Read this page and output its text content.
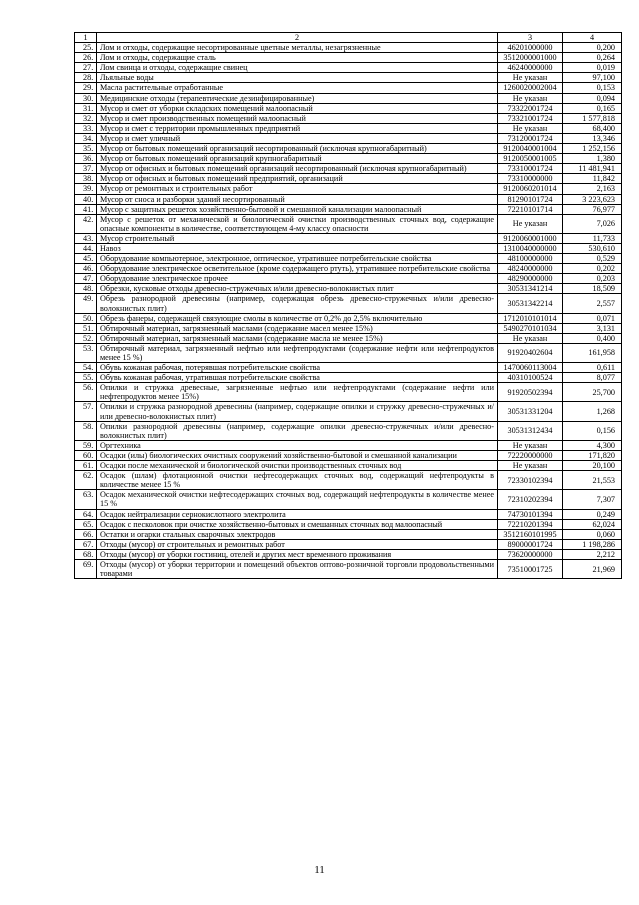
1	2	3	4
25.	Лом и отходы, содержащие несортированные цветные металлы, незагрязненные	46201000000	0,200
26.	Лом и отходы, содержащие сталь	3512000001000	0,264
27.	Лом свинца и отходы, содержащие свинец	46240000000	0,019
28.	Льяльные воды	Не указан	97,100
29.	Масла растительные отработанные	1260020002004	0,153
30.	Медицинские отходы (терапевтические дезинфицированные)	Не указан	0,094
31.	Мусор и смет от уборки складских помещений малоопасный	73322001724	0,165
32.	Мусор и смет производственных помещений малоопасный	73321001724	1 577,818
33.	Мусор и смет с территории промышленных предприятий	Не указан	68,400
34.	Мусор и смет уличный	73120001724	13,346
35.	Мусор от бытовых помещений организаций несортированный (исключая крупногабаритный)	9120040001004	1 252,156
36.	Мусор от бытовых помещений организаций крупногабаритный	9120050001005	1,380
37.	Мусор от офисных и бытовых помещений организаций несортированный (исключая крупногабаритный)	73310001724	11 481,941
38.	Мусор от офисных и бытовых помещений предприятий, организаций	73310000000	11,842
39.	Мусор от ремонтных и строительных работ	9120060201014	2,163
40.	Мусор от сноса и разборки зданий несортированный	81290101724	3 223,623
41.	Мусор с защитных решеток хозяйственно-бытовой и смешанной канализации малоопасный	72210101714	76,977
42.	Мусор с решеток от механической и биологической очистки производственных сточных вод, содержащие опасные компоненты в количестве, соответствующем 4-му классу опасности	Не указан	7,026
43.	Мусор строительный	9120060001000	11,733
44.	Навоз	1310040000000	530,610
45.	Оборудование компьютерное, электронное, оптическое, утратившее потребительские свойства	48100000000	0,529
46.	Оборудование электрическое осветительное (кроме содержащего ртуть), утратившее потребительские свойства	48240000000	0,202
47.	Оборудование электрическое прочее	48290000000	0,203
48.	Обрезки, кусковые отходы древесно-стружечных и/или древесно-волокнистых плит	30531341214	18,509
49.	Обрезь разнородной древесины (например, содержащая обрезь древесно-стружечных и/или древесно-волокнистых плит)	30531342214	2,557
50.	Обрезь фанеры, содержащей связующие смолы в количестве от 0,2% до 2,5% включительно	1712010101014	0,071
51.	Обтирочный материал, загрязненный маслами (содержание масел менее 15%)	5490270101034	3,131
52.	Обтирочный материал, загрязненный маслами (содержание масла не менее 15%)	Не указан	0,400
53.	Обтирочный материал, загрязненный нефтью или нефтепродуктами (содержание нефти или нефтепродуктов менее 15 %)	91920402604	161,958
54.	Обувь кожаная рабочая, потерявшая потребительские свойства	1470060113004	0,611
55.	Обувь кожаная рабочая, утратившая потребительские свойства	40310100524	8,077
56.	Опилки и стружка древесные, загрязненные нефтью или нефтепродуктами (содержание нефти или нефтепродуктов менее 15%)	91920502394	25,700
57.	Опилки и стружка разнородной древесины (например, содержащие опилки и стружку древесно-стружечных и/или древесно-волокнистых плит)	30531331204	1,268
58.	Опилки разнородной древесины (например, содержащие опилки древесно-стружечных и/или древесно-волокнистых плит)	30531312434	0,156
59.	Оргтехника	Не указан	4,300
60.	Осадки (илы) биологических очистных сооружений хозяйственно-бытовой и смешанной канализации	72220000000	171,820
61.	Осадки после механической и биологической очистки производственных сточных вод	Не указан	20,100
62.	Осадок (шлам) флотационной очистки нефтесодержащих сточных вод, содержащий нефтепродукты в количестве менее 15 %	72330102394	21,553
63.	Осадок механической очистки нефтесодержащих сточных вод, содержащий нефтепродукты в количестве менее 15 %	72310202394	7,307
64.	Осадок нейтрализации сернокислотного электролита	74730101394	0,249
65.	Осадок с песколовок при очистке хозяйственно-бытовых и смешанных сточных вод малоопасный	72210201394	62,024
66.	Остатки и огарки стальных сварочных электродов	3512160101995	0,060
67.	Отходы (мусор) от строительных и ремонтных работ	89000001724	1 198,286
68.	Отходы (мусор) от уборки гостиниц, отелей и других мест временного проживания	73620000000	2,212
69.	Отходы (мусор) от уборки территории и помещений объектов оптово-розничной торговли продовольственными товарами	73510001725	21,969
11
